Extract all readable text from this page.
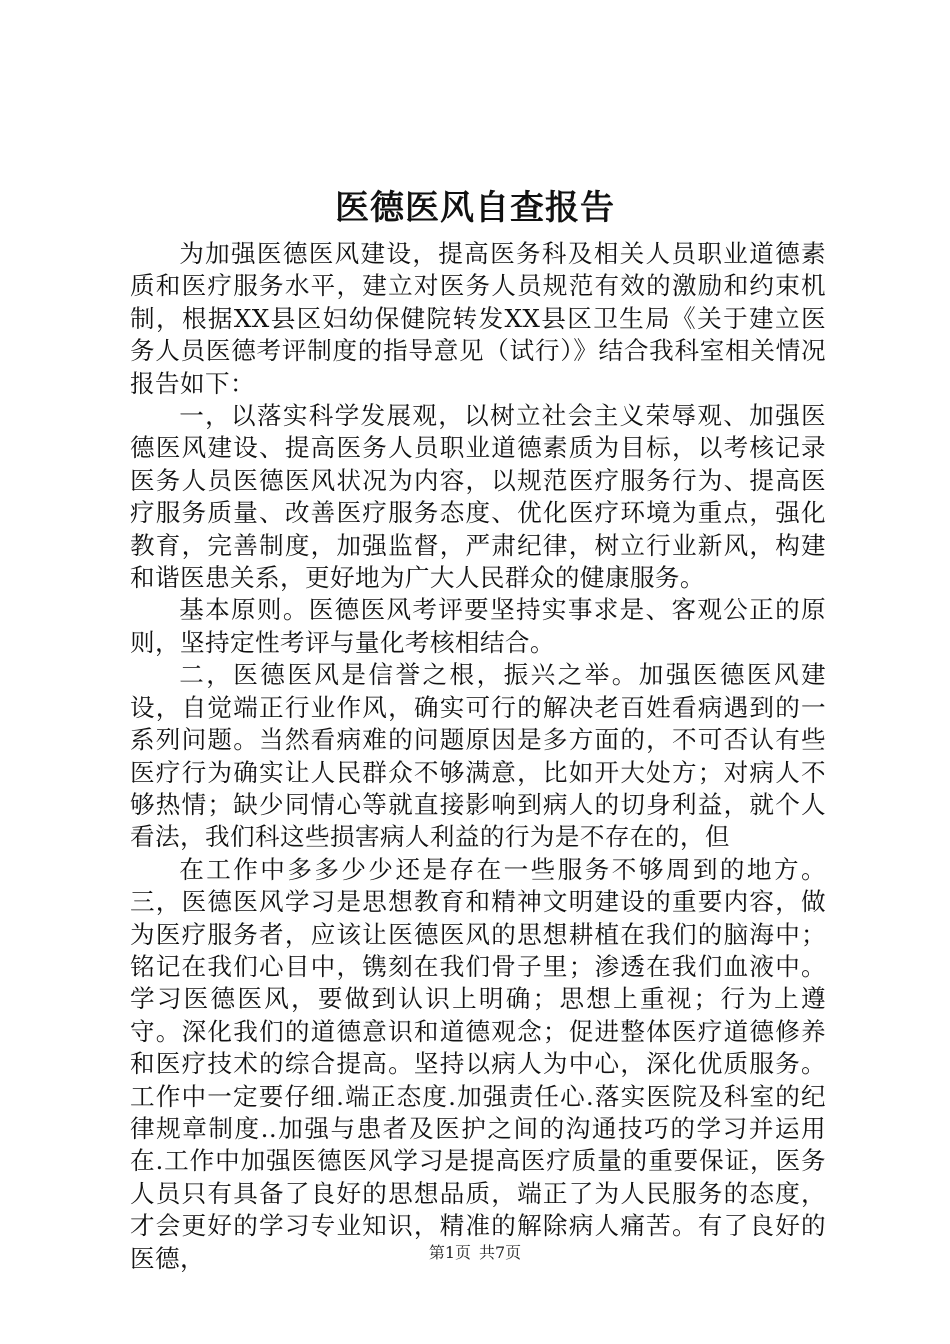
医德医风自查报告

为加强医德医风建设，提高医务科及相关人员职业道德素质和医疗服务水平，建立对医务人员规范有效的激励和约束机制，根据XX县区妇幼保健院转发XX县区卫生局《关于建立医务人员医德考评制度的指导意见（试行）》结合我科室相关情况报告如下：

一，以落实科学发展观，以树立社会主义荣辱观、加强医德医风建设、提高医务人员职业道德素质为目标，以考核记录医务人员医德医风状况为内容，以规范医疗服务行为、提高医疗服务质量、改善医疗服务态度、优化医疗环境为重点，强化教育，完善制度，加强监督，严肃纪律，树立行业新风，构建和谐医患关系，更好地为广大人民群众的健康服务。

基本原则。医德医风考评要坚持实事求是、客观公正的原则，坚持定性考评与量化考核相结合。

二，医德医风是信誉之根，振兴之举。加强医德医风建设，自觉端正行业作风，确实可行的解决老百姓看病遇到的一系列问题。当然看病难的问题原因是多方面的，不可否认有些医疗行为确实让人民群众不够满意，比如开大处方；对病人不够热情；缺少同情心等就直接影响到病人的切身利益，就个人看法，我们科这些损害病人利益的行为是不存在的，但

在工作中多多少少还是存在一些服务不够周到的地方。三，医德医风学习是思想教育和精神文明建设的重要内容，做为医疗服务者，应该让医德医风的思想耕植在我们的脑海中；铭记在我们心目中，镌刻在我们骨子里；渗透在我们血液中。学习医德医风，要做到认识上明确；思想上重视；行为上遵守。深化我们的道德意识和道德观念；促进整体医疗道德修养和医疗技术的综合提高。坚持以病人为中心，深化优质服务。工作中一定要仔细.端正态度.加强责任心.落实医院及科室的纪律规章制度..加强与患者及医护之间的沟通技巧的学习并运用在.工作中加强医德医风学习是提高医疗质量的重要保证，医务人员只有具备了良好的思想品质，端正了为人民服务的态度，才会更好的学习专业知识，精准的解除病人痛苦。有了良好的医德，	第1页 共7页
